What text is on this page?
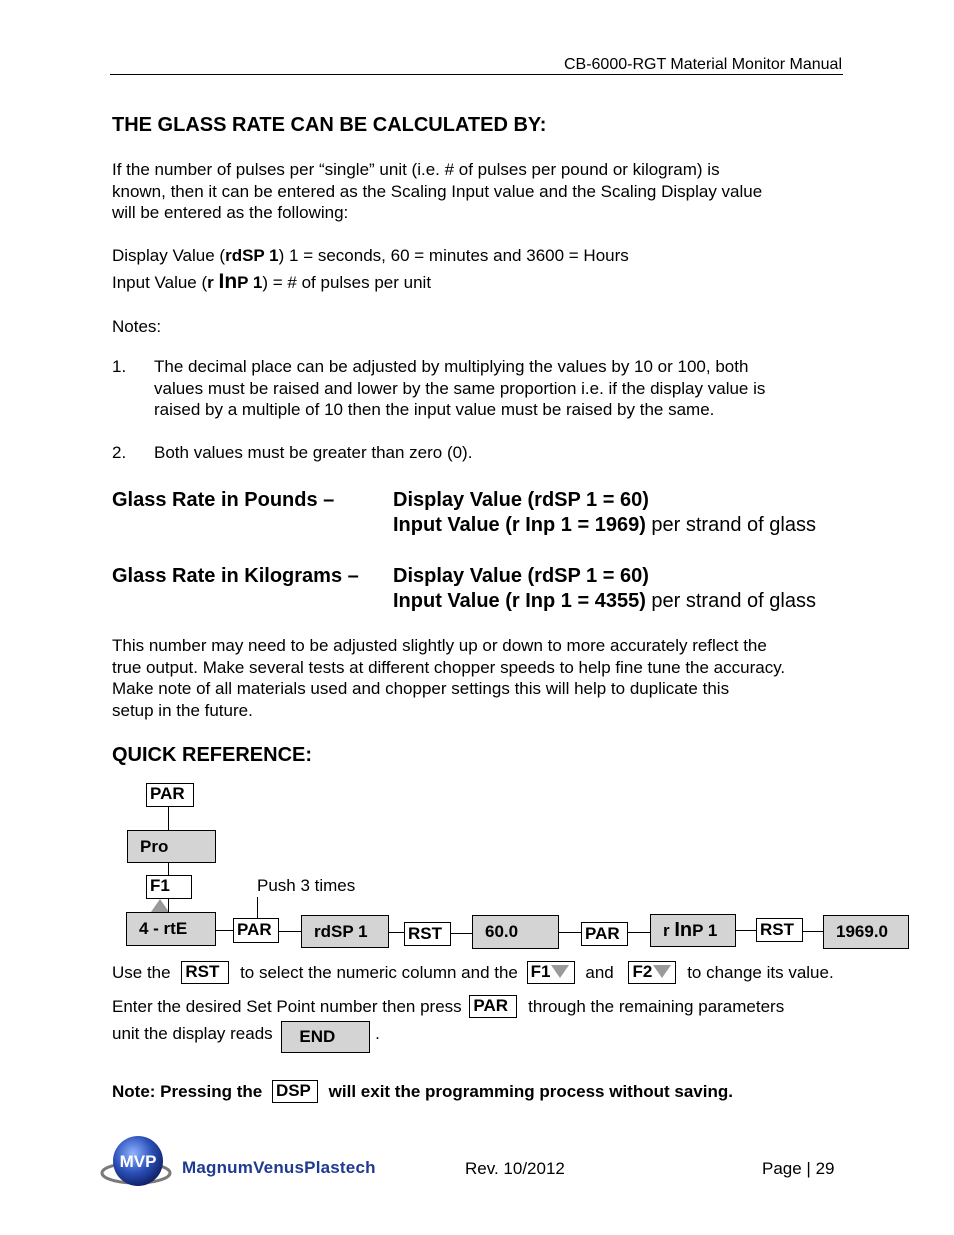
CB-6000-RGT Material Monitor Manual
THE GLASS RATE CAN BE CALCULATED BY:
If the number of pulses per “single” unit (i.e. # of pulses per pound or kilogram) is
known, then it can be entered as the Scaling Input value and the Scaling Display value
will be entered as the following:
Display Value (rdSP 1) 1 = seconds, 60 = minutes and 3600 = Hours
Input Value (r InP 1) = # of pulses per unit
Notes:
1. The decimal place can be adjusted by multiplying the values by 10 or 100, both
values must be raised and lower by the same proportion i.e. if the display value is
raised by a multiple of 10 then the input value must be raised by the same.
2. Both values must be greater than zero (0).
Glass Rate in Pounds –	Display Value (rdSP 1 = 60)
Input Value (r Inp 1 = 1969) per strand of glass
Glass Rate in Kilograms – Display Value (rdSP 1 = 60)
Input Value (r Inp 1 = 4355) per strand of glass
This number may need to be adjusted slightly up or down to more accurately reflect the
true output. Make several tests at different chopper speeds to help fine tune the accuracy.
Make note of all materials used and chopper settings this will help to duplicate this
setup in the future.
QUICK REFERENCE:
PAR
Pro
F1	Push 3 times
4 - rtE	PAR	rdSP 1	RST	60.0	PAR	r InP 1	RST	1969.0
Use the RST to select the numeric column and the F1 and F2 to change its value.
Enter the desired Set Point number then press PAR through the remaining parameters
unit the display reads END .
Note: Pressing the DSP will exit the programming process without saving.
MVP MagnumVenusPlastech	Rev. 10/2012	Page | 29
